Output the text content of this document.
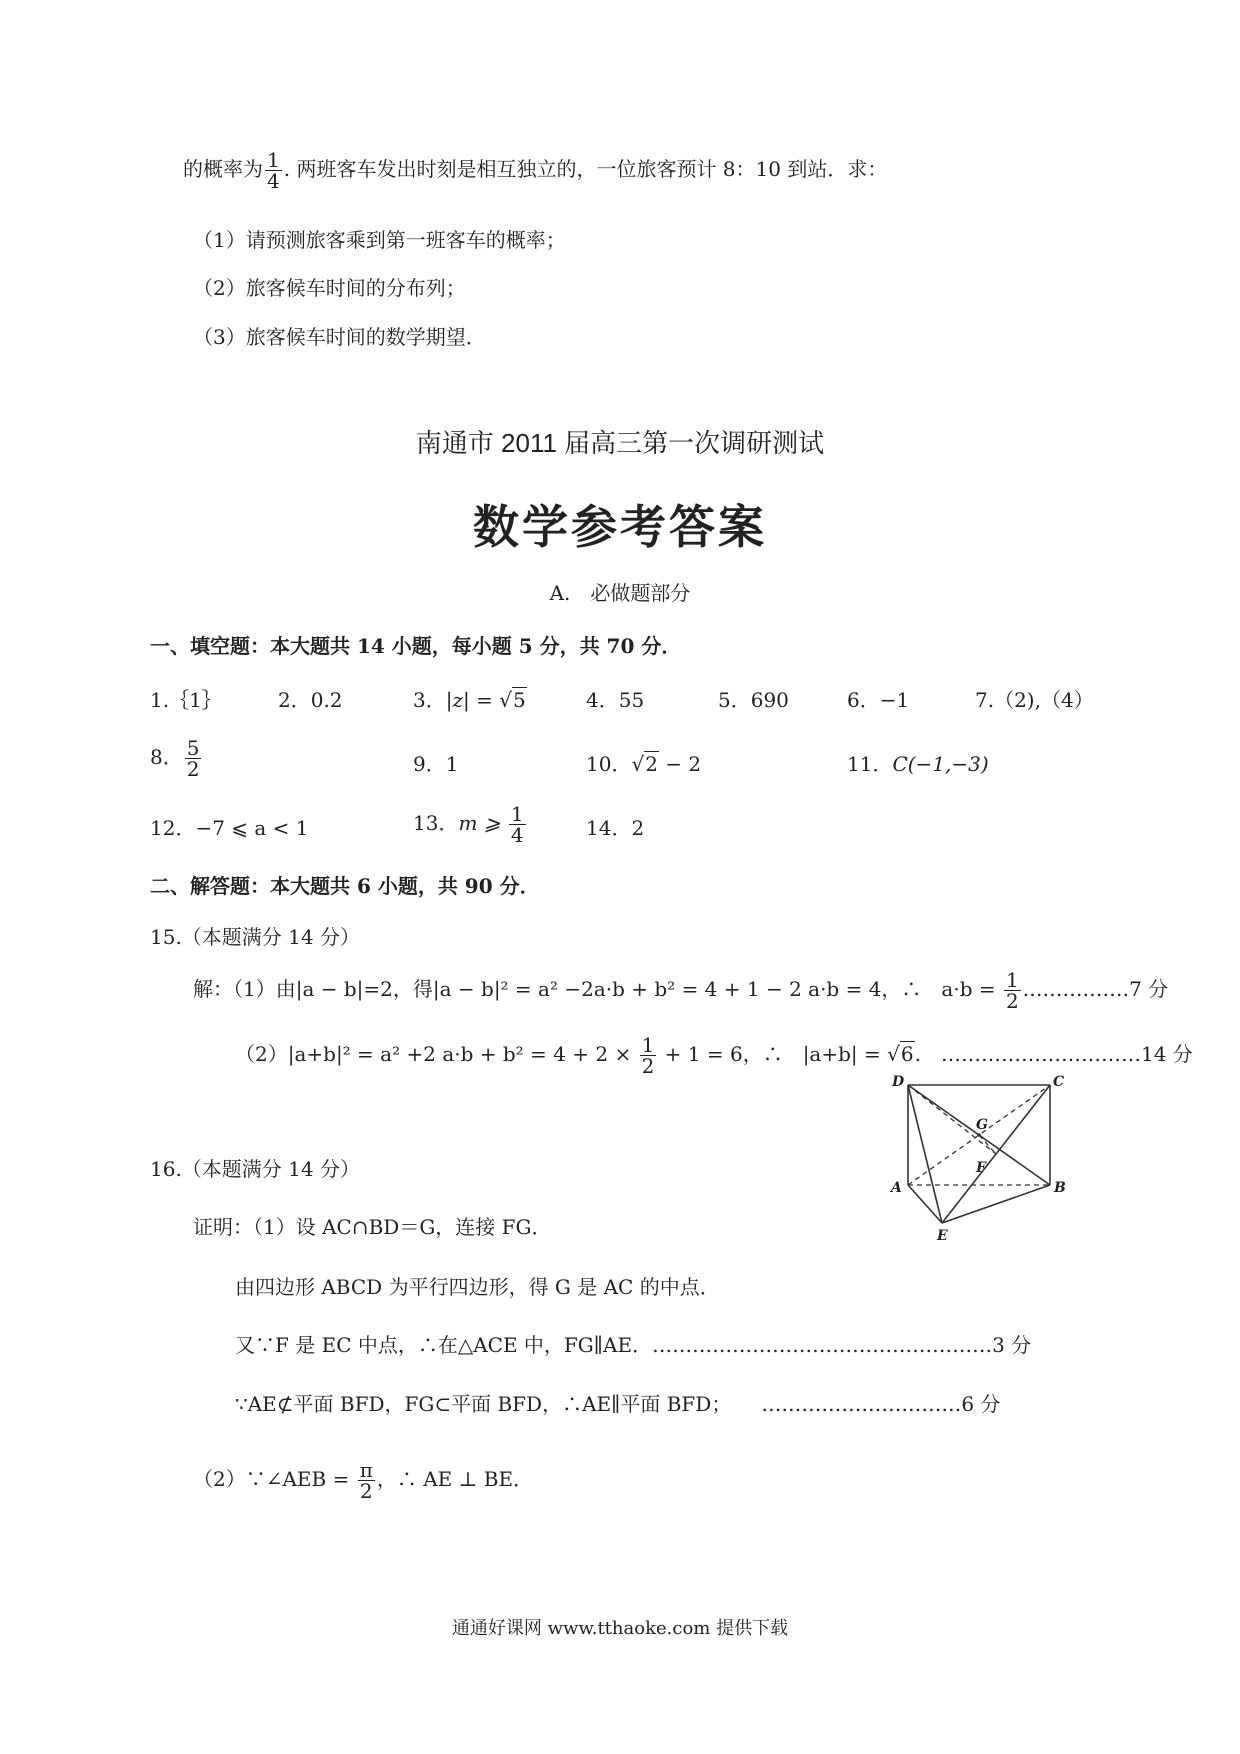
的概率为 $\frac{1}{4}$ . 两班客车发出时刻是相互独立的，一位旅客预计 8：10 到站．求：
（1）请预测旅客乘到第一班客车的概率；
（2）旅客候车时间的分布列；
（3）旅客候车时间的数学期望．
南通市 2011 届高三第一次调研测试
数学参考答案
A.　必做题部分
一、填空题：本大题共 14 小题，每小题 5 分，共 70 分．
1.｛1｝	2．0.2	3．|z| = √5	4．55	5．690	6．−1	7.（2),（4）
8． $\frac{5}{2}$	9．1	10．√2 − 2	11．C(−1,−3)
12．−7 ⩽ a < 1	13．m ⩾ $\frac{1}{4}$	14．2
二、解答题：本大题共 6 小题，共 90 分．
15.（本题满分 14 分）
解：（1）由|a − b|=2，得|a − b|² = a² −2a·b + b² = 4 + 1 − 2 a·b = 4，∴　$a\cdot b = \frac{1}{2}$ .……………7 分
（2）|a+b|² = a² +2 $a\cdot b + b^2 = 4 + 2 \times \frac{1}{2} + 1 = 6$，∴　|a+b| = √6.　…………………………14 分
D	C
G
F
A	B
E
16.（本题满分 14 分）
证明：（1）设 AC∩BD＝G，连接 FG．
由四边形 ABCD 为平行四边形，得 G 是 AC 的中点．
又∵F 是 EC 中点，∴在△ACE 中，FG∥AE．……………………………………………3 分
∵AE⊄平面 BFD，FG⊂平面 BFD，∴AE∥平面 BFD；　　…………………………6 分
（2）∵∠AEB = $\frac{\pi}{2}$ ，∴ AE ⊥ BE．
通通好课网 www.tthaoke.com 提供下载
